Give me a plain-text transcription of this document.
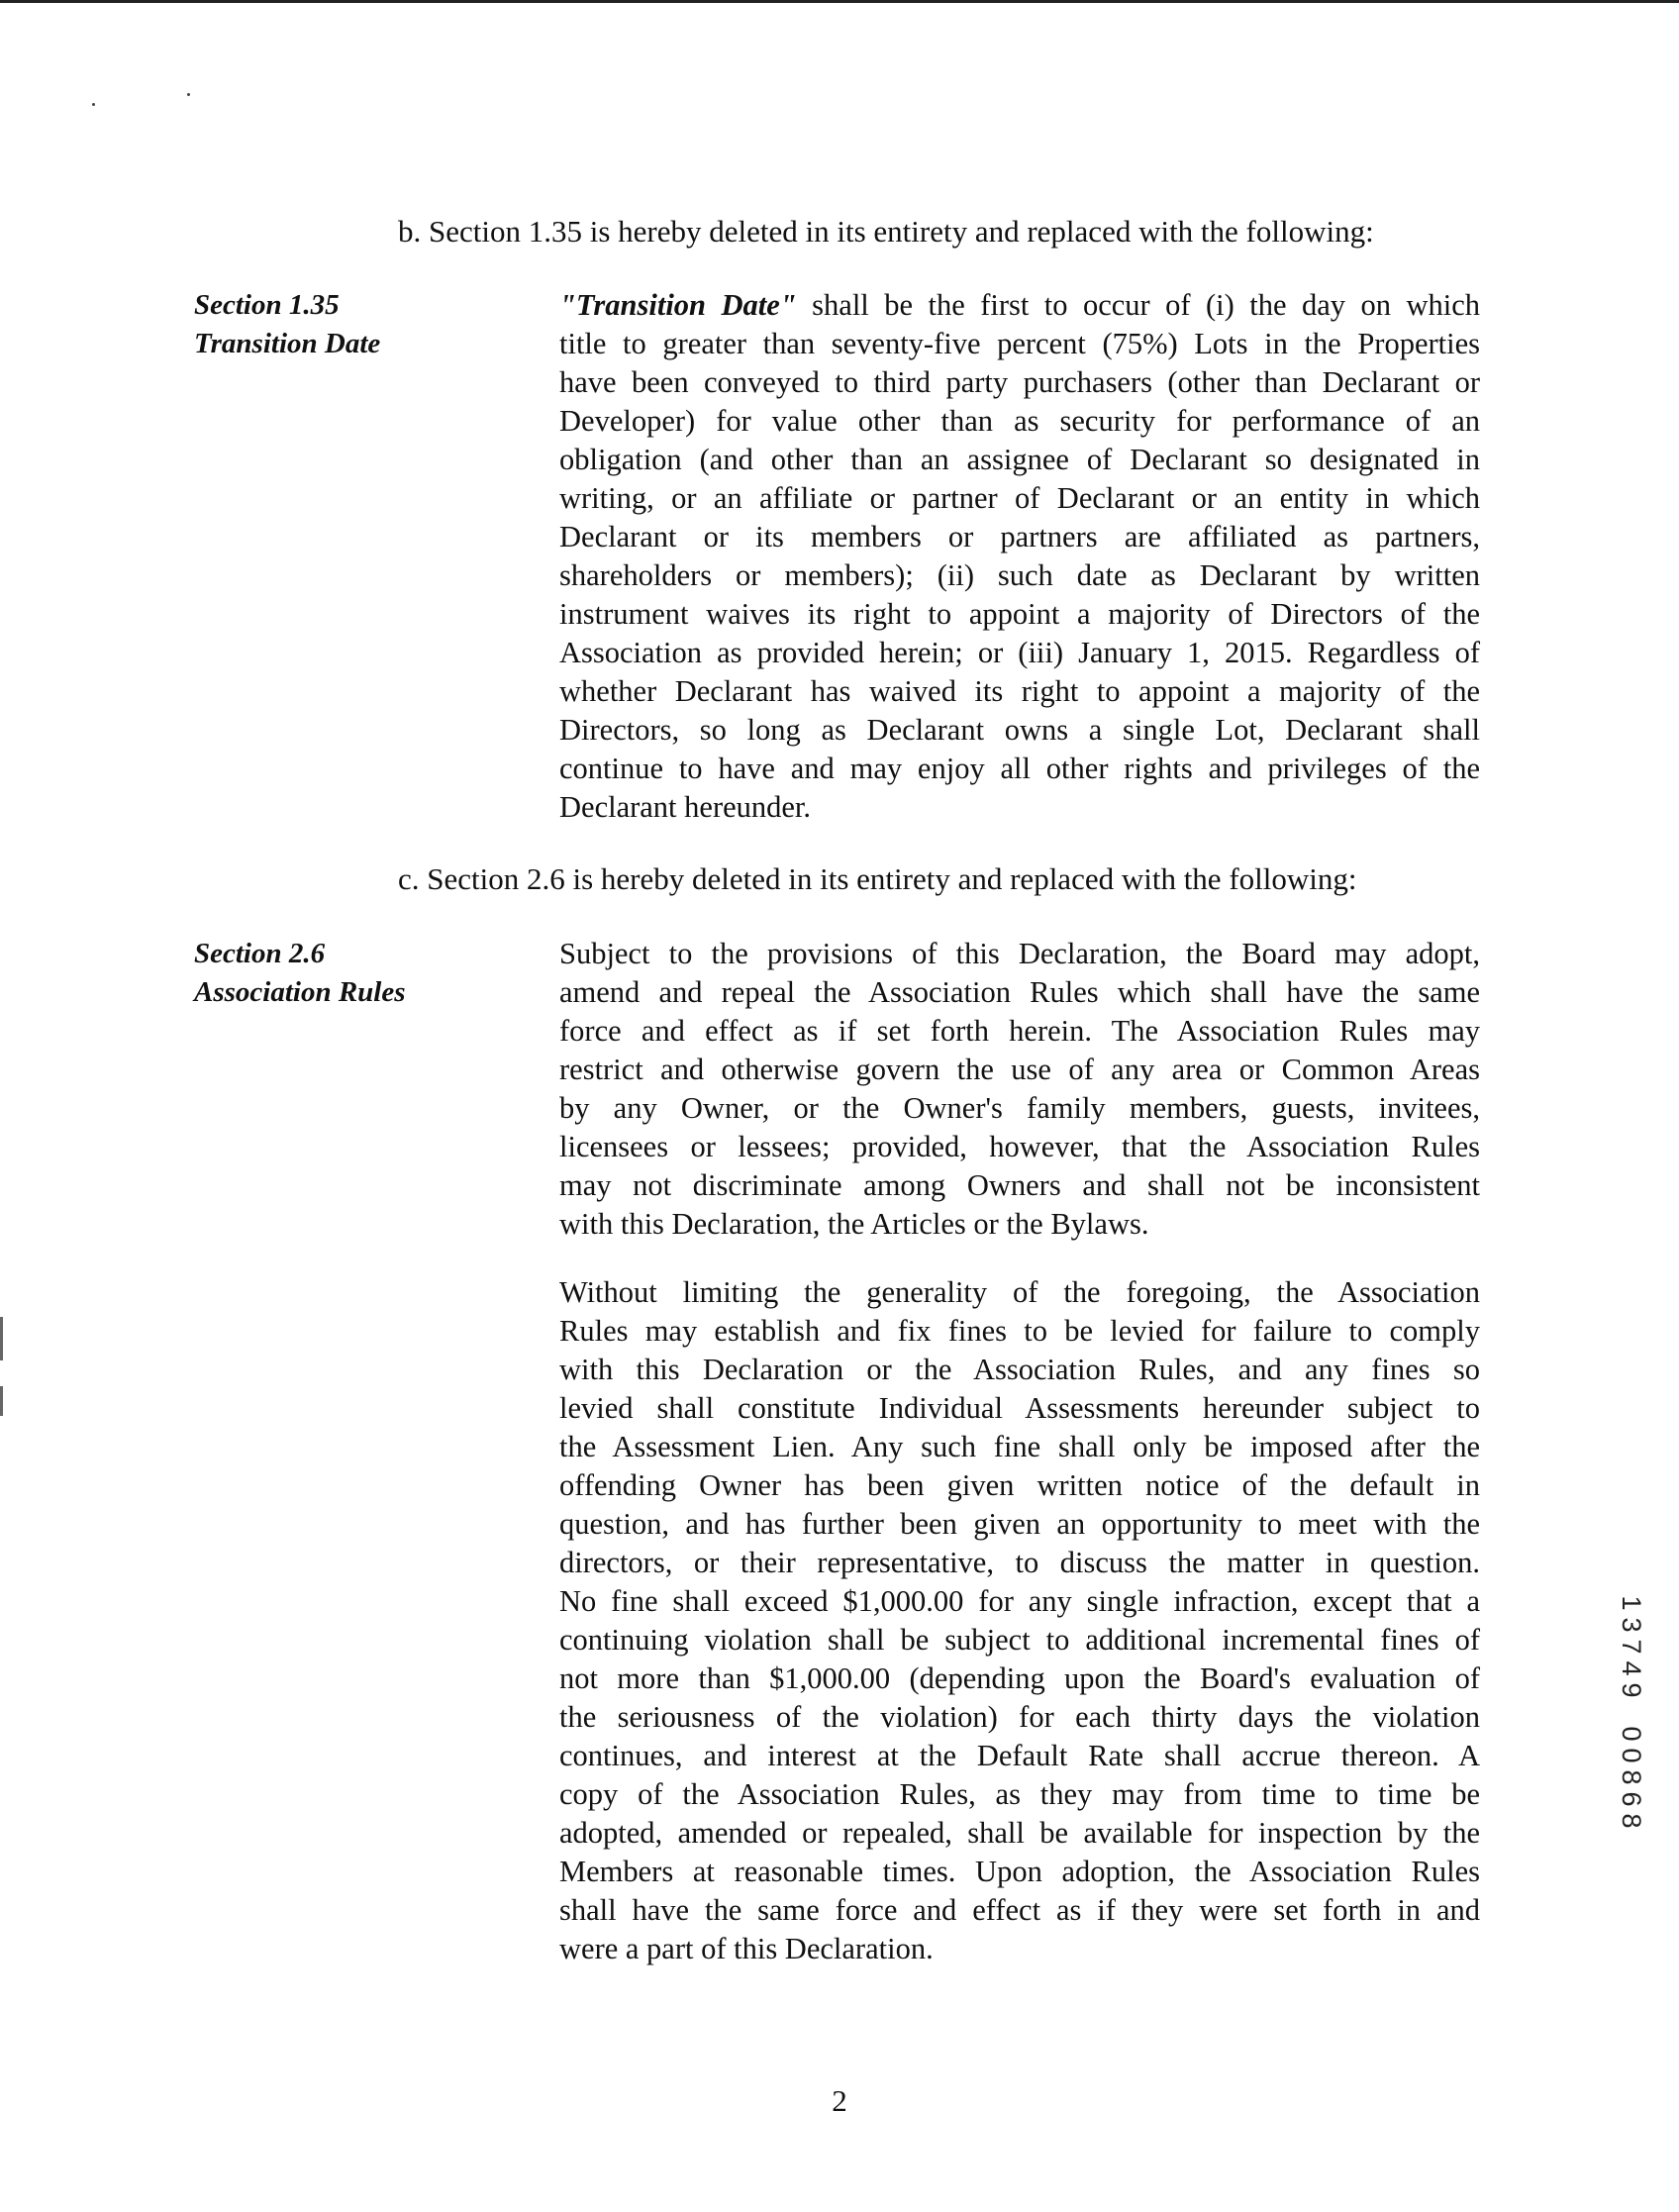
b. Section 1.35 is hereby deleted in its entirety and replaced with the following:
Section 1.35
Transition Date
"Transition Date" shall be the first to occur of (i) the day on which
title to greater than seventy-five percent (75%) Lots in the Properties
have been conveyed to third party purchasers (other than Declarant or
Developer) for value other than as security for performance of an
obligation (and other than an assignee of Declarant so designated in
writing, or an affiliate or partner of Declarant or an entity in which
Declarant or its members or partners are affiliated as partners,
shareholders or members); (ii) such date as Declarant by written
instrument waives its right to appoint a majority of Directors of the
Association as provided herein; or (iii) January 1, 2015. Regardless of
whether Declarant has waived its right to appoint a majority of the
Directors, so long as Declarant owns a single Lot, Declarant shall
continue to have and may enjoy all other rights and privileges of the
Declarant hereunder.
c. Section 2.6 is hereby deleted in its entirety and replaced with the following:
Section 2.6
Association Rules
Subject to the provisions of this Declaration, the Board may adopt,
amend and repeal the Association Rules which shall have the same
force and effect as if set forth herein. The Association Rules may
restrict and otherwise govern the use of any area or Common Areas
by any Owner, or the Owner's family members, guests, invitees,
licensees or lessees; provided, however, that the Association Rules
may not discriminate among Owners and shall not be inconsistent
with this Declaration, the Articles or the Bylaws.
Without limiting the generality of the foregoing, the Association
Rules may establish and fix fines to be levied for failure to comply
with this Declaration or the Association Rules, and any fines so
levied shall constitute Individual Assessments hereunder subject to
the Assessment Lien. Any such fine shall only be imposed after the
offending Owner has been given written notice of the default in
question, and has further been given an opportunity to meet with the
directors, or their representative, to discuss the matter in question.
No fine shall exceed $1,000.00 for any single infraction, except that a
continuing violation shall be subject to additional incremental fines of
not more than $1,000.00 (depending upon the Board's evaluation of
the seriousness of the violation) for each thirty days the violation
continues, and interest at the Default Rate shall accrue thereon. A
copy of the Association Rules, as they may from time to time be
adopted, amended or repealed, shall be available for inspection by the
Members at reasonable times. Upon adoption, the Association Rules
shall have the same force and effect as if they were set forth in and
were a part of this Declaration.
2
1
3
7
4
9

0
0
8
6
8
